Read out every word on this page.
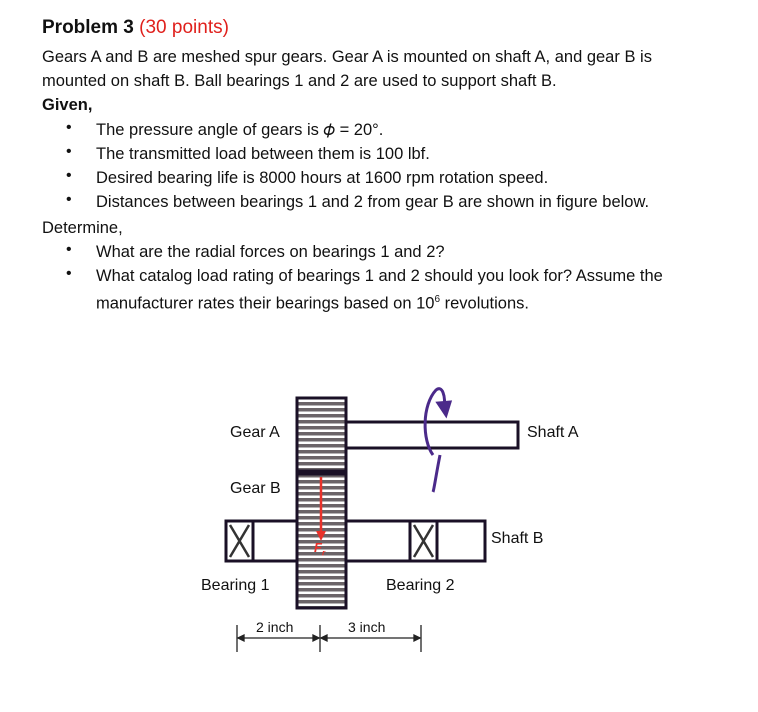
Problem 3 (30 points)
Gears A and B are meshed spur gears. Gear A is mounted on shaft A, and gear B is
mounted on shaft B. Ball bearings 1 and 2 are used to support shaft B.
Given,
• The pressure angle of gears is 𝜙 = 20°.
• The transmitted load between them is 100 lbf.
• Desired bearing life is 8000 hours at 1600 rpm rotation speed.
• Distances between bearings 1 and 2 from gear B are shown in figure below.
Determine,
• What are the radial forces on bearings 1 and 2?
• What catalog load rating of bearings 1 and 2 should you look for? Assume the
manufacturer rates their bearings based on $10^6$ revolutions.
Gear A
Gear B
Shaft A
Shaft B
Bearing 1	Bearing 2
$F_r$
2 inch	3 inch
